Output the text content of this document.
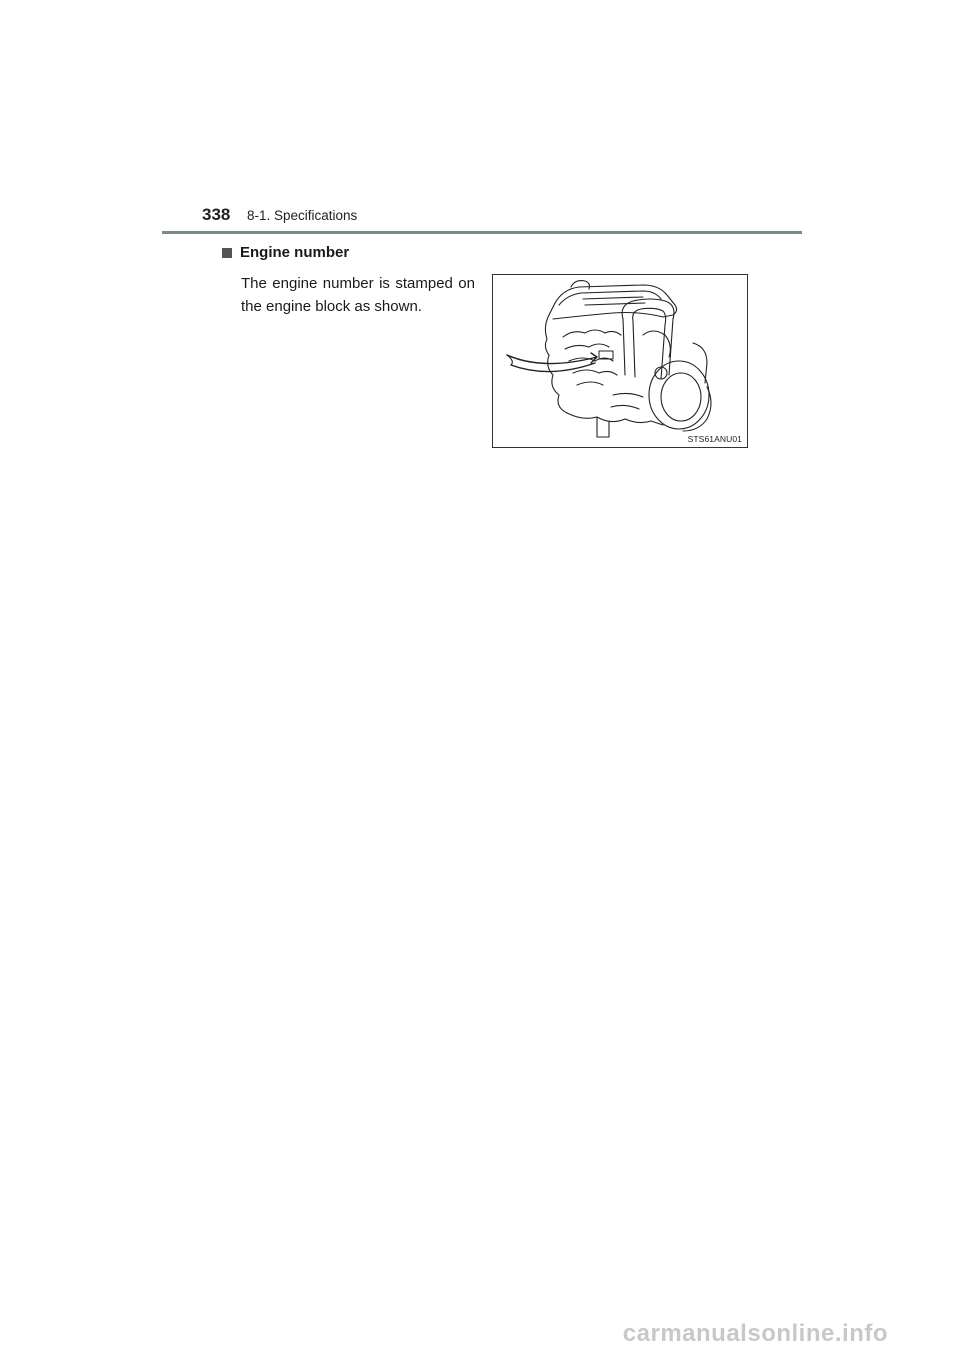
338 8-1. Specifications
Engine number
The engine number is stamped on the engine block as shown.
STS61ANU01
carmanualsonline.info
